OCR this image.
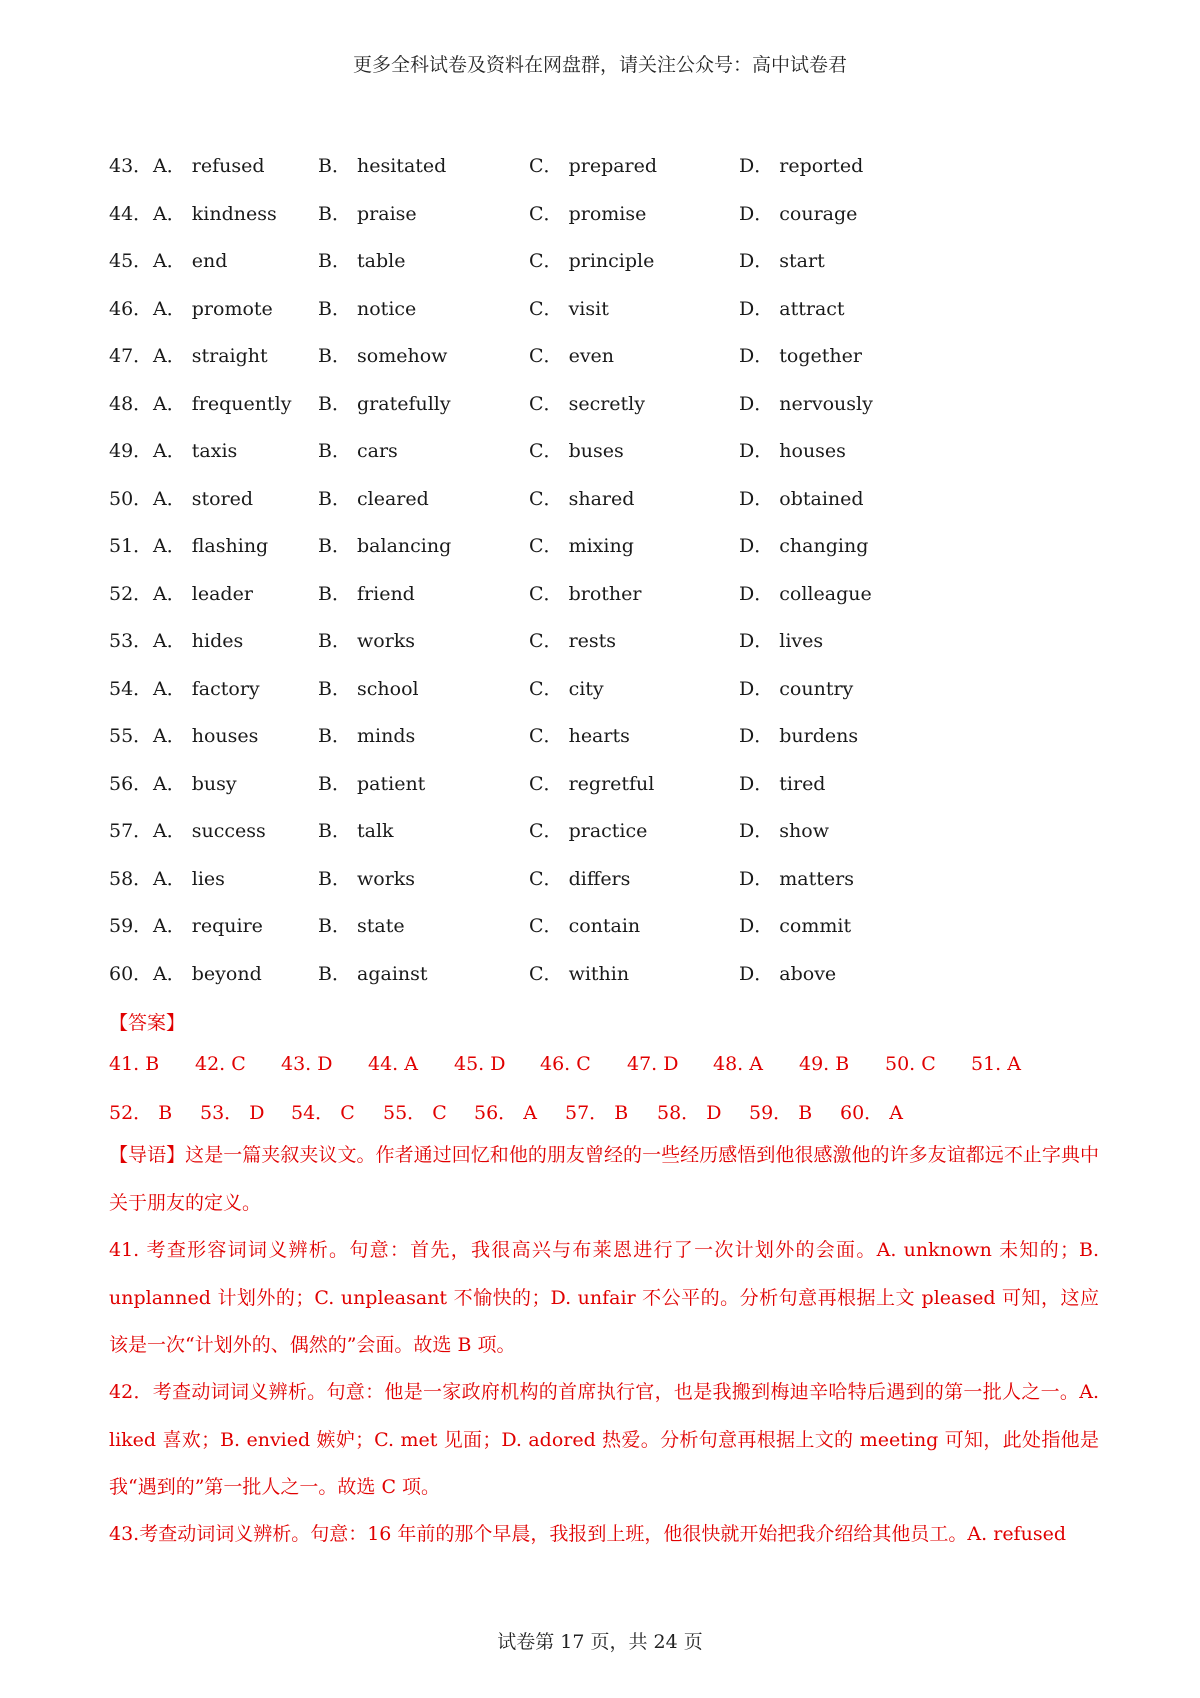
更多全科试卷及资料在网盘群，请关注公众号：高中试卷君
43． A． refused	B． hesitated	C． prepared	D． reported
44． A． kindness B． praise	C． promise	D． courage
45． A． end	B． table	C． principle	D． start
46． A． promote B． notice	C． visit	D． attract
47． A． straight	B． somehow	C． even	D． together
48． A． frequently B． gratefully	C． secretly	D． nervously
49． A． taxis	B． cars	C． buses	D． houses
50． A． stored	B． cleared	C． shared	D． obtained
51． A． flashing	B． balancing	C． mixing	D． changing
52． A． leader	B． friend	C． brother	D． colleague
53． A． hides	B． works	C． rests	D． lives
54． A． factory	B． school	C． city	D． country
55． A． houses	B． minds	C． hearts	D． burdens
56． A． busy	B． patient	C． regretful	D． tired
57． A． success	B． talk	C． practice	D． show
58． A． lies	B． works	C． differs	D． matters
59． A． require	B． state	C． contain	D． commit
60． A． beyond	B． against	C． within	D． above
【答案】
41. B 42. C 43. D 44. A 45. D 46. C 47. D 48. A 49. B 50. C 51. A
52． B 53． D 54． C 55． C 56． A 57． B 58． D 59． B 60． A
【导语】这是一篇夹叙夹议文。作者通过回忆和他的朋友曾经的一些经历感悟到他很感激他的许多友谊都远不止字典中关于朋友的定义。
41. 考查形容词词义辨析。句意：首先，我很高兴与布莱恩进行了一次计划外的会面。A. unknown 未知的；B. unplanned 计划外的；C. unpleasant 不愉快的；D. unfair 不公平的。分析句意再根据上文 pleased 可知，这应该是一次“计划外的、偶然的”会面。故选 B 项。
42．考查动词词义辨析。句意：他是一家政府机构的首席执行官，也是我搬到梅迪辛哈特后遇到的第一批人之一。A. liked 喜欢；B. envied 嫉妒；C. met 见面；D. adored 热爱。分析句意再根据上文的 meeting 可知，此处指他是我“遇到的”第一批人之一。故选 C 项。
43.考查动词词义辨析。句意：16 年前的那个早晨，我报到上班，他很快就开始把我介绍给其他员工。A. refused
试卷第 17 页，共 24 页
